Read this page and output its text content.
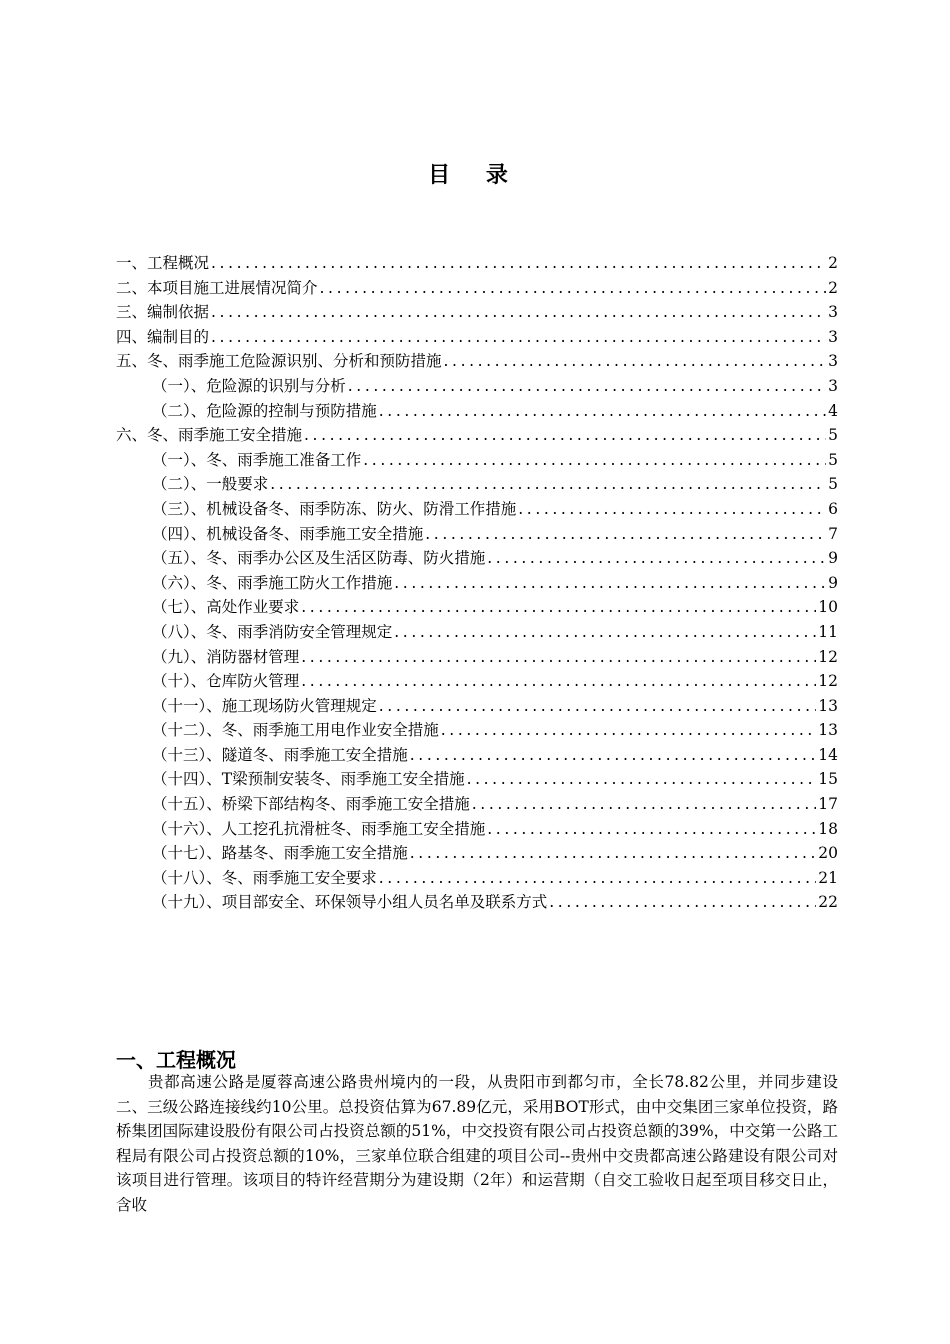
目 录
一、工程概况 .....	2
二、本项目施工进展情况简介 .....	2
三、编制依据 .....	3
四、编制目的 .....	3
五、冬、雨季施工危险源识别、分析和预防措施 .....	3
（一）、危险源的识别与分析 .....	3
（二）、危险源的控制与预防措施 .....	4
六、冬、雨季施工安全措施 .....	5
（一）、冬、雨季施工准备工作 .....	5
（二）、一般要求 .....	5
（三）、机械设备冬、雨季防冻、防火、防滑工作措施 .....	6
（四）、机械设备冬、雨季施工安全措施 .....	7
（五）、冬、雨季办公区及生活区防毒、防火措施 .....	9
（六）、冬、雨季施工防火工作措施 .....	9
（七）、高处作业要求 .....	10
（八）、冬、雨季消防安全管理规定 .....	11
（九）、消防器材管理 .....	12
（十）、仓库防火管理 .....	12
（十一）、施工现场防火管理规定 .....	13
（十二）、冬、雨季施工用电作业安全措施 .....	13
（十三）、隧道冬、雨季施工安全措施 .....	14
（十四）、T梁预制安装冬、雨季施工安全措施 .....	15
（十五）、桥梁下部结构冬、雨季施工安全措施 .....	17
（十六）、人工挖孔抗滑桩冬、雨季施工安全措施 .....	18
（十七）、路基冬、雨季施工安全措施 .....	20
（十八）、冬、雨季施工安全要求 .....	21
（十九）、项目部安全、环保领导小组人员名单及联系方式 .....	22
一、工程概况
贵都高速公路是厦蓉高速公路贵州境内的一段，从贵阳市到都匀市，全长78.82公里，并同步建设二、三级公路连接线约10公里。总投资估算为67.89亿元，采用BOT形式，由中交集团三家单位投资，路桥集团国际建设股份有限公司占投资总额的51%，中交投资有限公司占投资总额的39%，中交第一公路工程局有限公司占投资总额的10%，三家单位联合组建的项目公司--贵州中交贵都高速公路建设有限公司对该项目进行管理。该项目的特许经营期分为建设期（2年）和运营期（自交工验收日起至项目移交日止，含收
